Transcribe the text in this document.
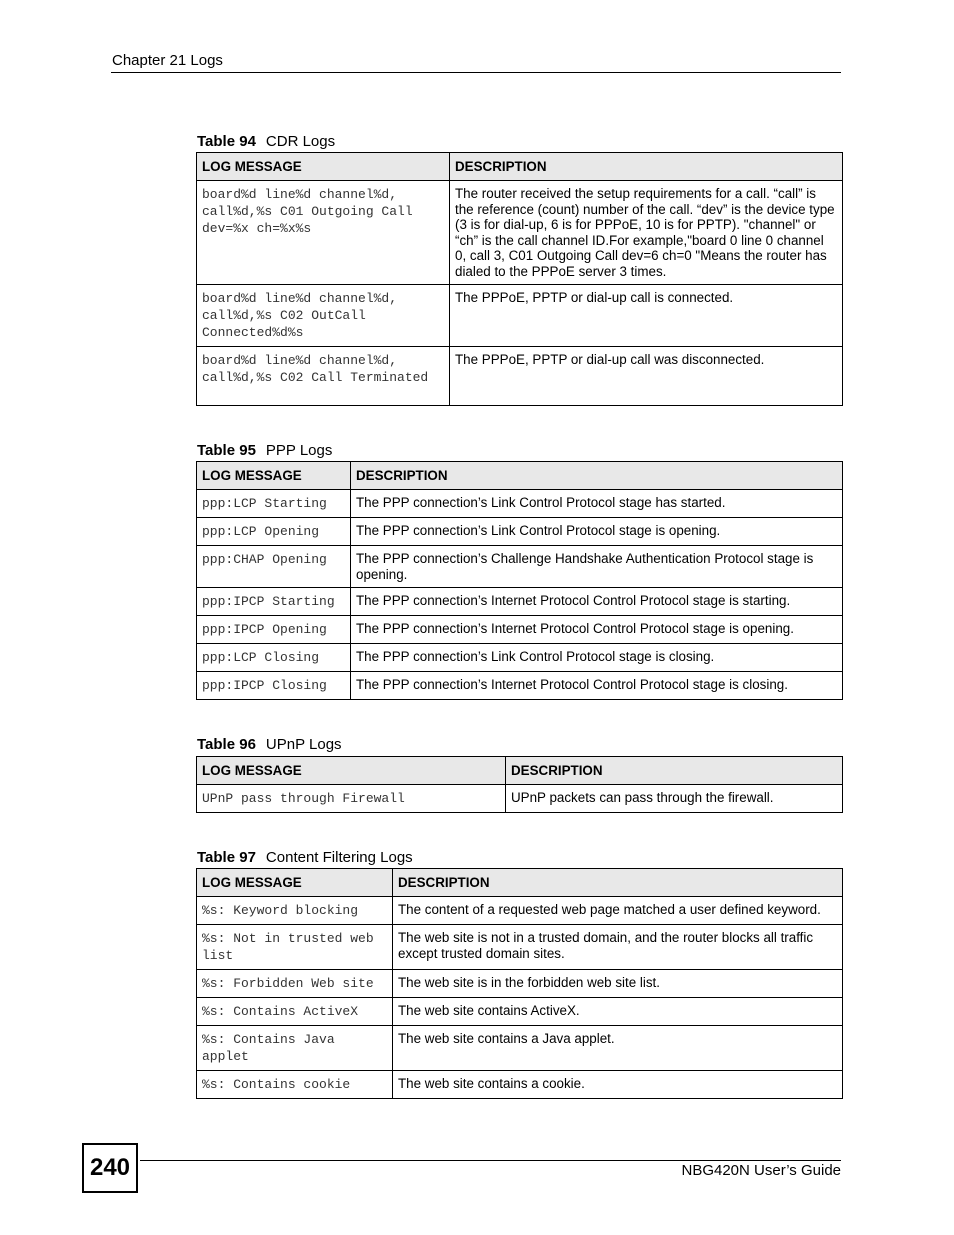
Chapter 21 Logs
Table 94 CDR Logs
LOG MESSAGE	DESCRIPTION
board%d line%d channel%d, call%d,%s C01 Outgoing Call dev=%x ch=%x%s	The router received the setup requirements for a call. “call” is the reference (count) number of the call. “dev” is the device type (3 is for dial-up, 6 is for PPPoE, 10 is for PPTP). "channel" or “ch” is the call channel ID.For example,"board 0 line 0 channel 0, call 3, C01 Outgoing Call dev=6 ch=0 "Means the router has dialed to the PPPoE server 3 times.
board%d line%d channel%d, call%d,%s C02 OutCall Connected%d%s	The PPPoE, PPTP or dial-up call is connected.
board%d line%d channel%d, call%d,%s C02 Call Terminated	The PPPoE, PPTP or dial-up call was disconnected.
Table 95 PPP Logs
LOG MESSAGE	DESCRIPTION
ppp:LCP Starting	The PPP connection’s Link Control Protocol stage has started.
ppp:LCP Opening	The PPP connection’s Link Control Protocol stage is opening.
ppp:CHAP Opening	The PPP connection’s Challenge Handshake Authentication Protocol stage is opening.
ppp:IPCP Starting	The PPP connection’s Internet Protocol Control Protocol stage is starting.
ppp:IPCP Opening	The PPP connection’s Internet Protocol Control Protocol stage is opening.
ppp:LCP Closing	The PPP connection’s Link Control Protocol stage is closing.
ppp:IPCP Closing	The PPP connection’s Internet Protocol Control Protocol stage is closing.
Table 96 UPnP Logs
LOG MESSAGE	DESCRIPTION
UPnP pass through Firewall	UPnP packets can pass through the firewall.
Table 97 Content Filtering Logs
LOG MESSAGE	DESCRIPTION
%s: Keyword blocking	The content of a requested web page matched a user defined keyword.
%s: Not in trusted web list	The web site is not in a trusted domain, and the router blocks all traffic except trusted domain sites.
%s: Forbidden Web site	The web site is in the forbidden web site list.
%s: Contains ActiveX	The web site contains ActiveX.
%s: Contains Java applet	The web site contains a Java applet.
%s: Contains cookie	The web site contains a cookie.
240	NBG420N User’s Guide
